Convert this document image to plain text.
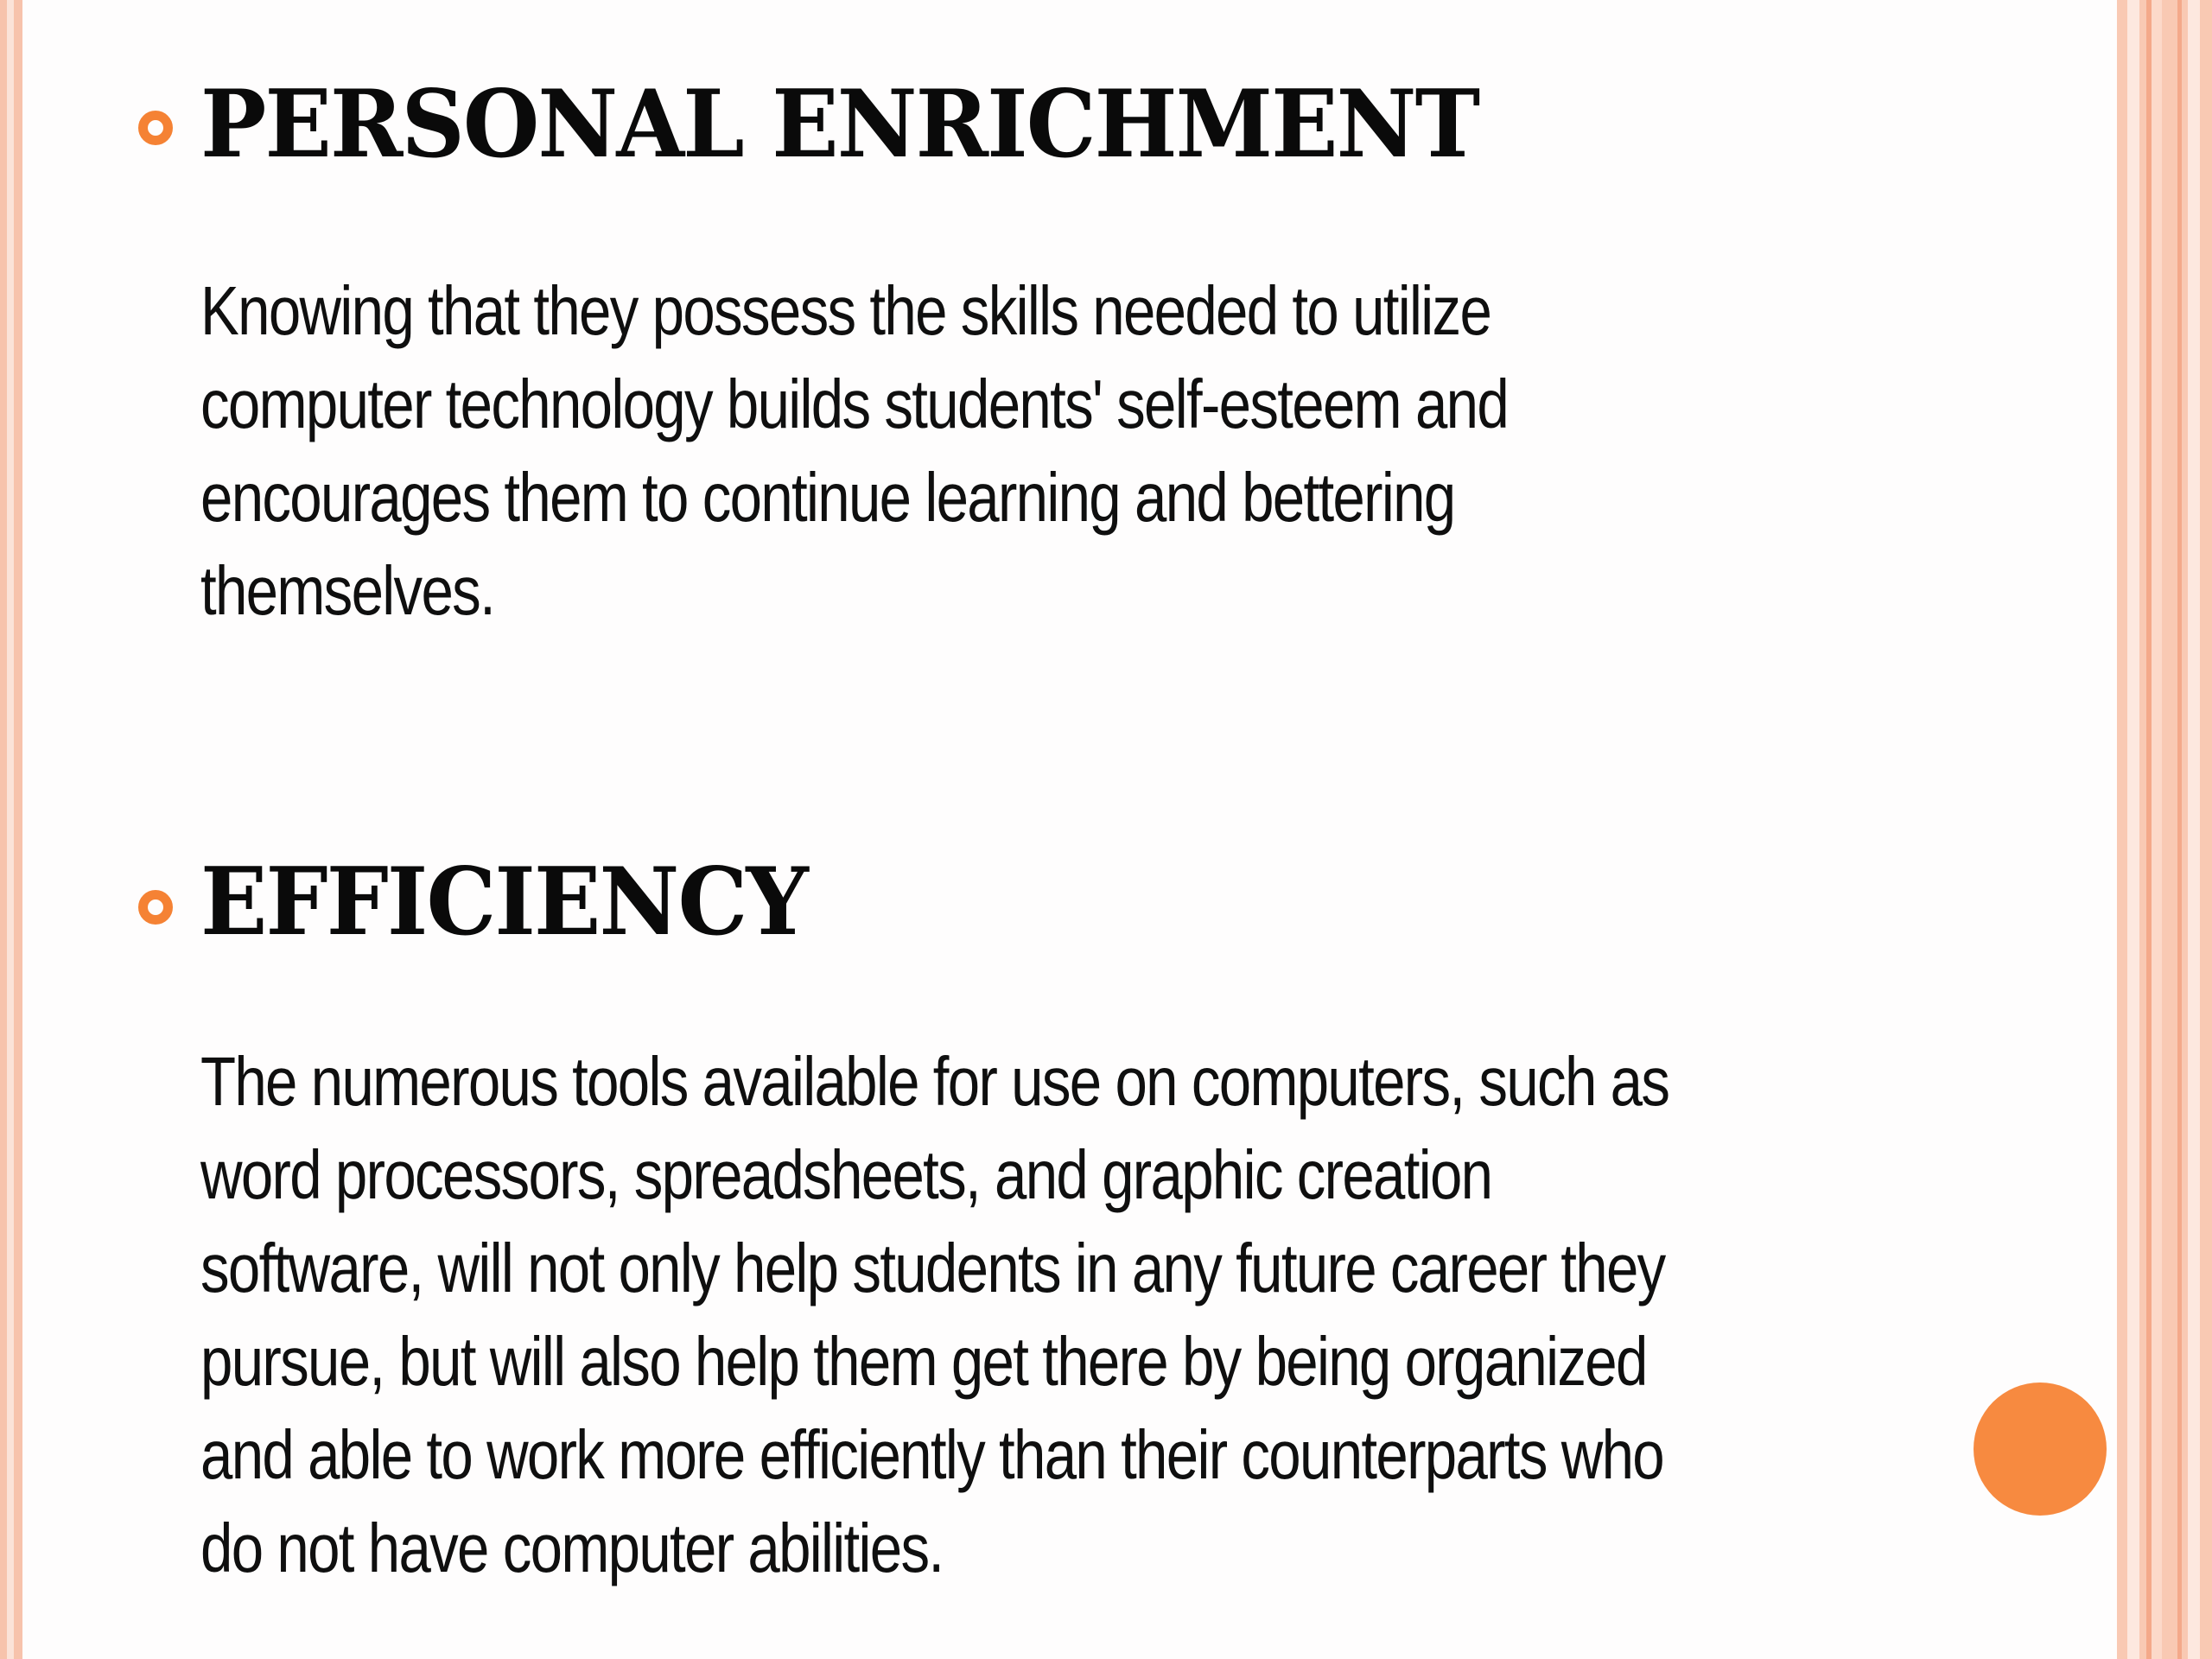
PERSONAL ENRICHMENT

Knowing that they possess the skills needed to utilize
computer technology builds students' self-esteem and
encourages them to continue learning and bettering
themselves.

EFFICIENCY

The numerous tools available for use on computers, such as
word processors, spreadsheets, and graphic creation
software, will not only help students in any future career they
pursue, but will also help them get there by being organized
and able to work more efficiently than their counterparts who
do not have computer abilities.
